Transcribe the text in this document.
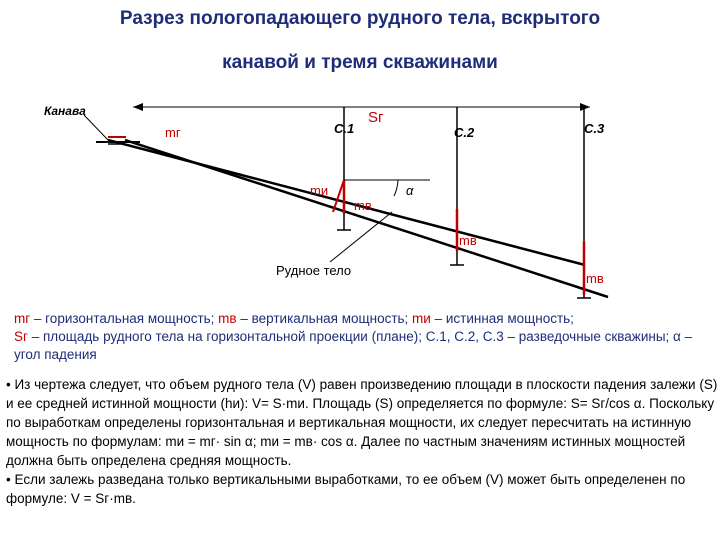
Разрез пологопадающего рудного тела, вскрытого
канавой и тремя скважинами
Канава
mг	С.1
Sг
С.2	С.3
mи
mв
α
mв
Рудное тело
mв
mг – горизонтальная мощность; mв – вертикальная мощность; mи – истинная мощность;
Sг – площадь рудного тела на горизонтальной проекции (плане); С.1, С.2, С.3 – разведочные скважины; α – угол падения

• Из чертежа следует, что объем рудного тела (V) равен произведению площади в плоскости падения залежи (S) и ее средней истинной мощности (hи): V= S·mи. Площадь (S) определяется по формуле: S= Sг/cos α. Поскольку по выработкам определены горизонтальная и вертикальная мощности, их следует пересчитать на истинную мощность по формулам: mи = mг· sin α; mи = mв· cos α. Далее по частным значениям истинных мощностей должна быть определена средняя мощность.

• Если залежь разведана только вертикальными выработками, то ее объем (V) может быть определенен по формуле: V = Sг·mв.
